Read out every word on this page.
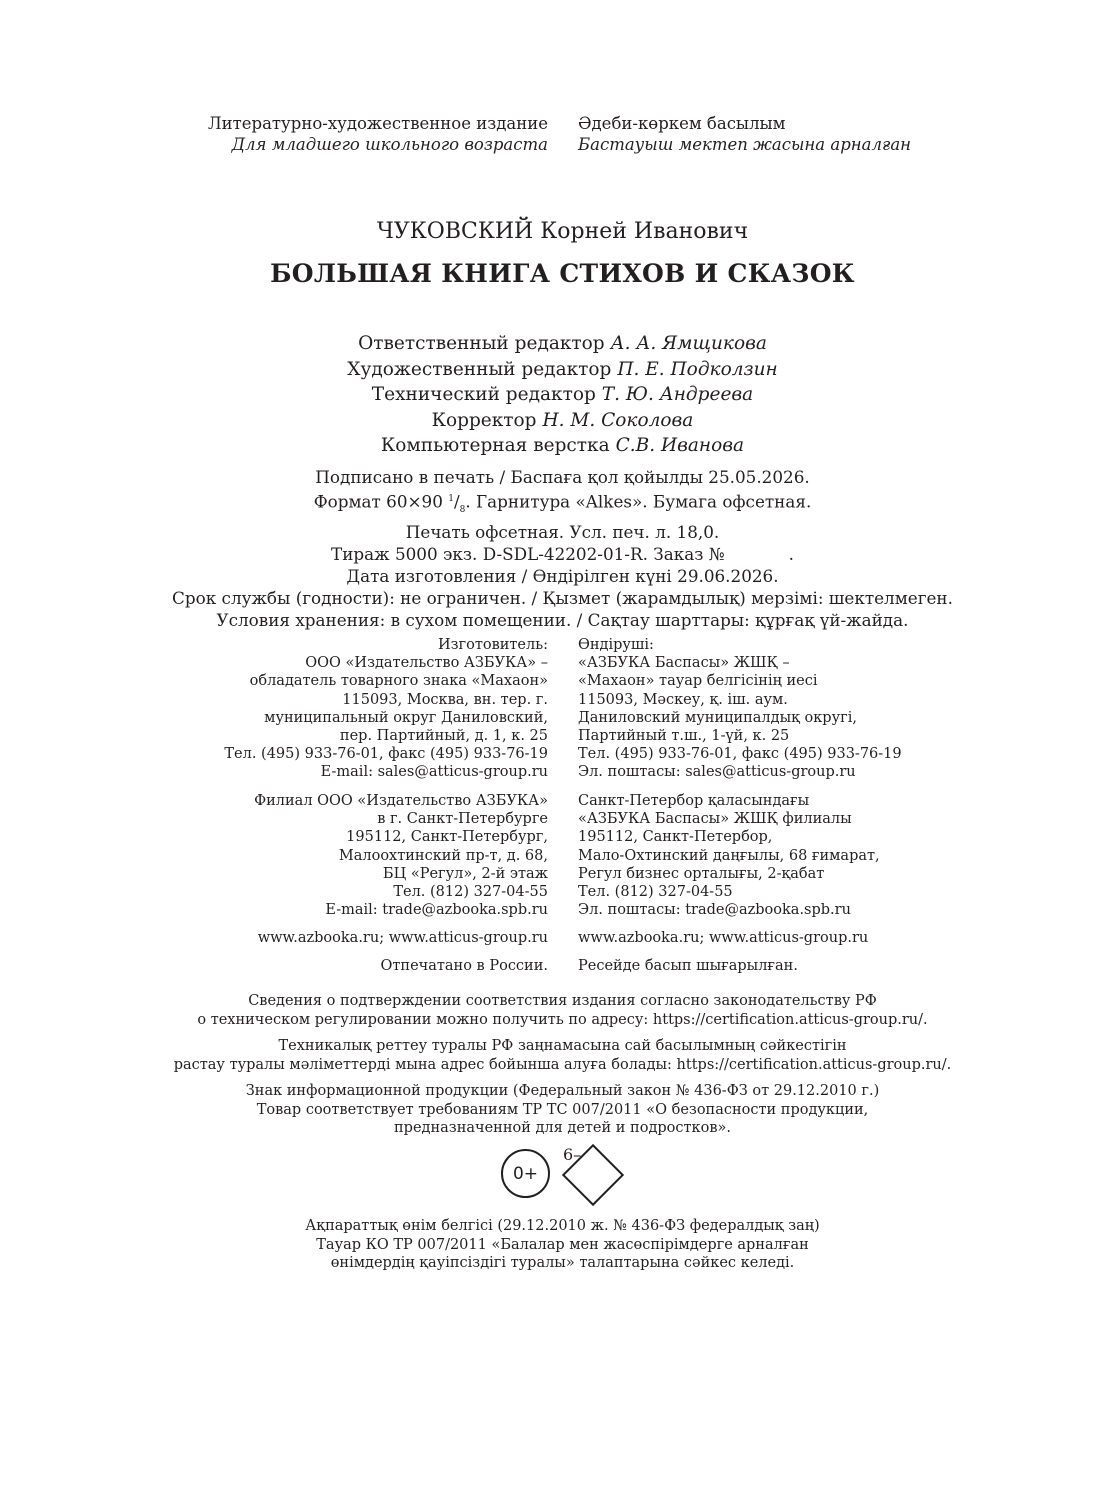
Литературно-художественное издание
Для младшего школьного возраста
Әдеби-көркем басылым
Бастауыш мектеп жасына арналған
ЧУКОВСКИЙ Корней Иванович
БОЛЬШАЯ КНИГА СТИХОВ И СКАЗОК
Ответственный редактор А. А. Ямщикова
Художественный редактор П. Е. Подколзин
Технический редактор Т. Ю. Андреева
Корректор Н. М. Соколова
Компьютерная верстка С.В. Иванова
Подписано в печать / Баспаға қол қойылды 25.05.2026.
Формат 60×90 $^1/_8$. Гарнитура «Alkes». Бумага офсетная.
Печать офсетная. Усл. печ. л. 18,0.
Тираж 5000 экз. D-SDL-42202-01-R. Заказ №            .
Дата изготовления / Өндірілген күні 29.06.2026.
Срок службы (годности): не ограничен. / Қызмет (жарамдылық) мерзімі: шектелмеген.
Условия хранения: в сухом помещении. / Сақтау шарттары: құрғақ үй-жайда.
Изготовитель:
ООО «Издательство АЗБУКА» –
обладатель товарного знака «Махаон»
115093, Москва, вн. тер. г.
муниципальный округ Даниловский,
пер. Партийный, д. 1, к. 25
Тел. (495) 933-76-01, факс (495) 933-76-19
E-mail: sales@atticus-group.ru
Өндіруші:
«АЗБУКА Баспасы» ЖШҚ –
«Махаон» тауар белгісінің иесі
115093, Мәскеу, қ. іш. аум.
Даниловский муниципалдық округі,
Партийный т.ш., 1-үй, к. 25
Тел. (495) 933-76-01, факс (495) 933-76-19
Эл. поштасы: sales@atticus-group.ru
Филиал ООО «Издательство АЗБУКА»
в г. Санкт-Петербурге
195112, Санкт-Петербург,
Малоохтинский пр-т, д. 68,
БЦ «Регул», 2-й этаж
Тел. (812) 327-04-55
E-mail: trade@azbooka.spb.ru
Санкт-Петербор қаласындағы
«АЗБУКА Баспасы» ЖШҚ филиалы
195112, Санкт-Петербор,
Мало-Охтинский даңғылы, 68 ғимарат,
Регул бизнес орталығы, 2-қабат
Тел. (812) 327-04-55
Эл. поштасы: trade@azbooka.spb.ru
www.azbooka.ru; www.atticus-group.ru www.azbooka.ru; www.atticus-group.ru
Отпечатано в России. Ресейде басып шығарылған.
Сведения о подтверждении соответствия издания согласно законодательству РФ
о техническом регулировании можно получить по адресу: https://certification.atticus-group.ru/.
Техникалық реттеу туралы РФ заңнамасына сай басылымның сәйкестігін
растау туралы мәліметтерді мына адрес бойынша алуға болады: https://certification.atticus-group.ru/.
Знак информационной продукции (Федеральный закон № 436-ФЗ от 29.12.2010 г.)
Товар соответствует требованиям ТР ТС 007/2011 «О безопасности продукции,
предназначенной для детей и подростков».
0+
6–
Ақпараттық өнім белгісі (29.12.2010 ж. № 436-ФЗ федералдық заң)
Тауар КО ТР 007/2011 «Балалар мен жасөспірімдерге арналған
өнімдердің қауіпсіздігі туралы» талаптарына сәйкес келеді.
